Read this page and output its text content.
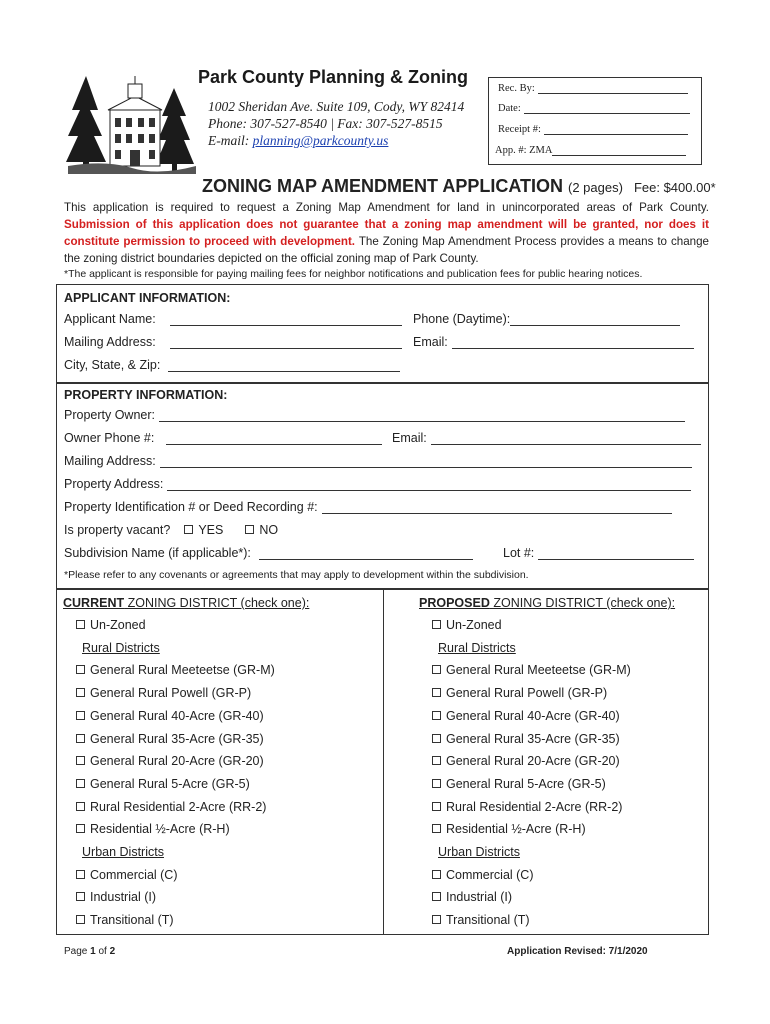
Park County Planning & Zoning
1002 Sheridan Ave. Suite 109, Cody, WY 82414
Phone: 307-527-8540 | Fax: 307-527-8515
E-mail: planning@parkcounty.us
Rec. By:
Date:
Receipt #:
App. #: ZMA
ZONING MAP AMENDMENT APPLICATION (2 pages) Fee: $400.00*
This application is required to request a Zoning Map Amendment for land in unincorporated areas of Park County. Submission of this application does not guarantee that a zoning map amendment will be granted, nor does it constitute permission to proceed with development. The Zoning Map Amendment Process provides a means to change the zoning district boundaries depicted on the official zoning map of Park County.
*The applicant is responsible for paying mailing fees for neighbor notifications and publication fees for public hearing notices.
APPLICANT INFORMATION:
Applicant Name:	Phone (Daytime):
Mailing Address:	Email:
City, State, & Zip:
PROPERTY INFORMATION:
Property Owner:
Owner Phone #:	Email:
Mailing Address:
Property Address:
Property Identification # or Deed Recording #:
Is property vacant?	YES	NO
Subdivision Name (if applicable*):	Lot #:
*Please refer to any covenants or agreements that may apply to development within the subdivision.
CURRENT ZONING DISTRICT (check one):
Un-Zoned
Rural Districts
General Rural Meeteetse (GR-M)
General Rural Powell (GR-P)
General Rural 40-Acre (GR-40)
General Rural 35-Acre (GR-35)
General Rural 20-Acre (GR-20)
General Rural 5-Acre (GR-5)
Rural Residential 2-Acre (RR-2)
Residential ½-Acre (R-H)
Urban Districts
Commercial (C)
Industrial (I)
Transitional (T)
PROPOSED ZONING DISTRICT (check one):
Un-Zoned
Rural Districts
General Rural Meeteetse (GR-M)
General Rural Powell (GR-P)
General Rural 40-Acre (GR-40)
General Rural 35-Acre (GR-35)
General Rural 20-Acre (GR-20)
General Rural 5-Acre (GR-5)
Rural Residential 2-Acre (RR-2)
Residential ½-Acre (R-H)
Urban Districts
Commercial (C)
Industrial (I)
Transitional (T)
Page 1 of 2	Application Revised: 7/1/2020
